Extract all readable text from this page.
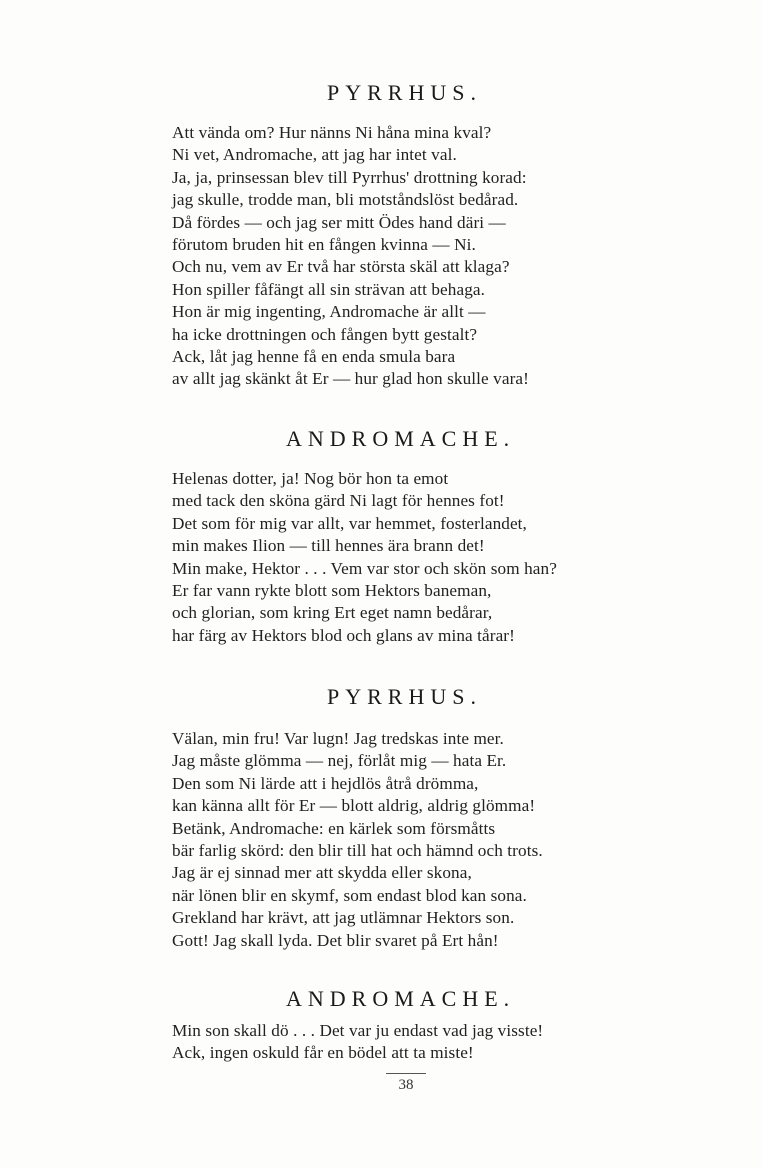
PYRRHUS.
Att vända om? Hur nänns Ni håna mina kval?
Ni vet, Andromache, att jag har intet val.
Ja, ja, prinsessan blev till Pyrrhus' drottning korad:
jag skulle, trodde man, bli motståndslöst bedårad.
Då fördes — och jag ser mitt Ödes hand däri —
förutom bruden hit en fången kvinna — Ni.
Och nu, vem av Er två har största skäl att klaga?
Hon spiller fåfängt all sin strävan att behaga.
Hon är mig ingenting, Andromache är allt —
ha icke drottningen och fången bytt gestalt?
Ack, låt jag henne få en enda smula bara
av allt jag skänkt åt Er — hur glad hon skulle vara!
ANDROMACHE.
Helenas dotter, ja! Nog bör hon ta emot
med tack den sköna gärd Ni lagt för hennes fot!
Det som för mig var allt, var hemmet, fosterlandet,
min makes Ilion — till hennes ära brann det!
Min make, Hektor . . . Vem var stor och skön som han?
Er far vann rykte blott som Hektors baneman,
och glorian, som kring Ert eget namn bedårar,
har färg av Hektors blod och glans av mina tårar!
PYRRHUS.
Välan, min fru! Var lugn! Jag tredskas inte mer.
Jag måste glömma — nej, förlåt mig — hata Er.
Den som Ni lärde att i hejdlös åtrå drömma,
kan känna allt för Er — blott aldrig, aldrig glömma!
Betänk, Andromache: en kärlek som försmåtts
bär farlig skörd: den blir till hat och hämnd och trots.
Jag är ej sinnad mer att skydda eller skona,
när lönen blir en skymf, som endast blod kan sona.
Grekland har krävt, att jag utlämnar Hektors son.
Gott! Jag skall lyda. Det blir svaret på Ert hån!
ANDROMACHE.
Min son skall dö . . . Det var ju endast vad jag visste!
Ack, ingen oskuld får en bödel att ta miste!
38
